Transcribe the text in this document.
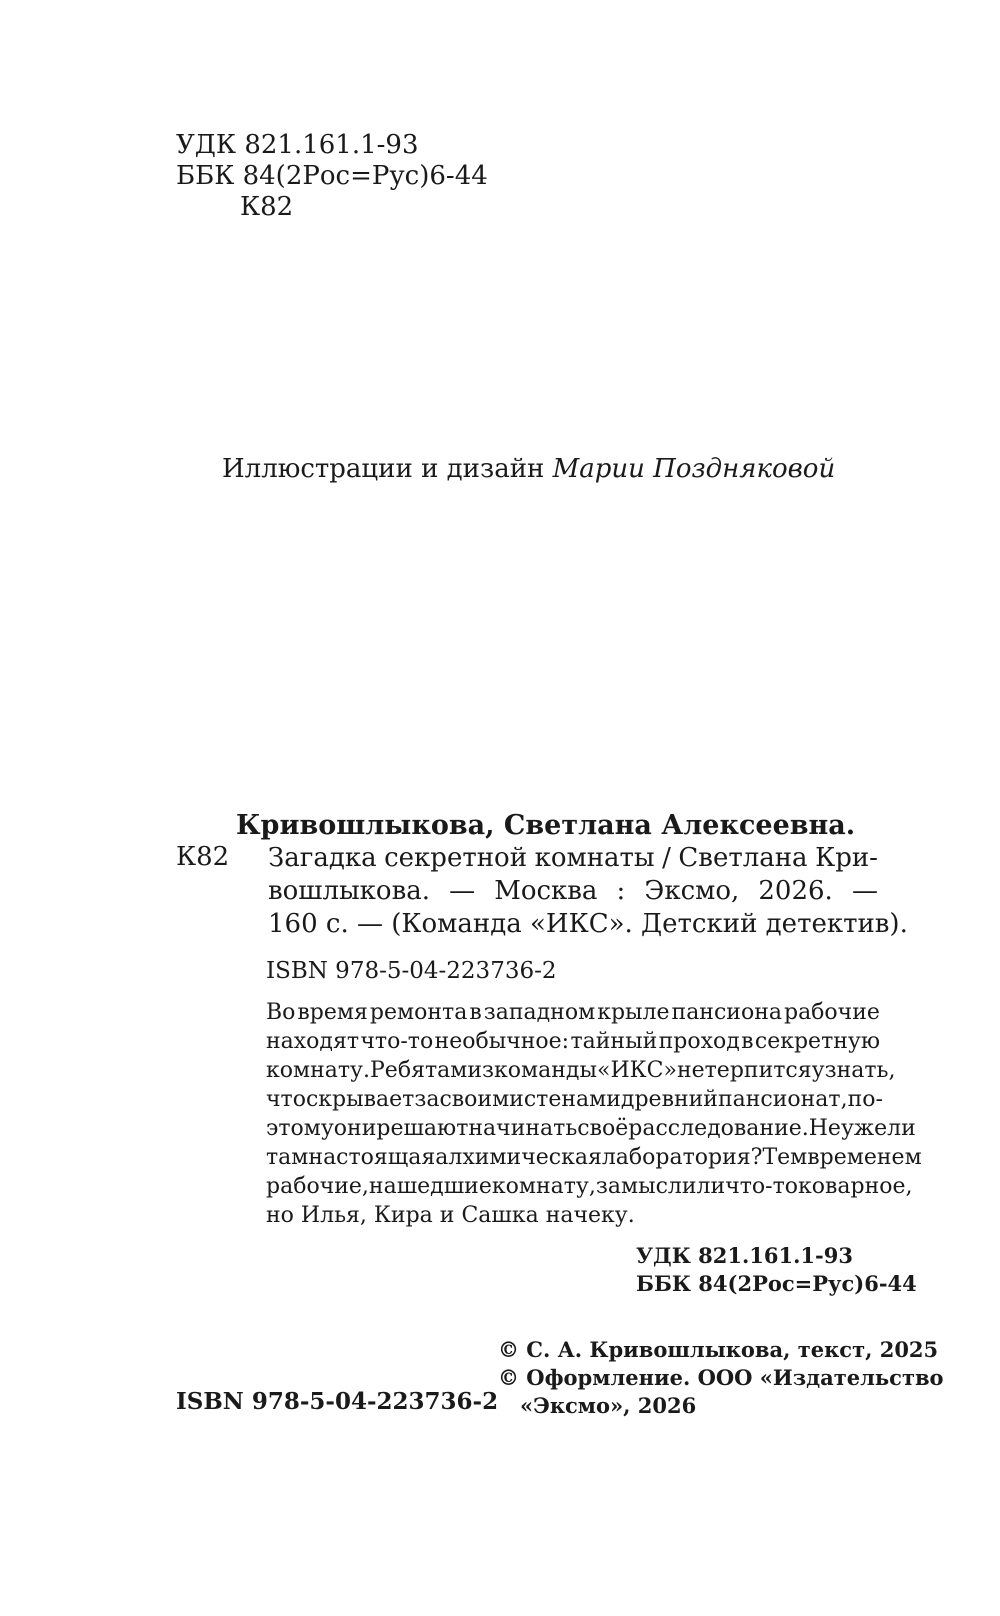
УДК 821.161.1-93
ББК 84(2Рос=Рус)6-44
К82
Иллюстрации и дизайн Марии Поздняковой
Кривошлыкова, Светлана Алексеевна.
К82 Загадка секретной комнаты / Светлана Кри-
вошлыкова. — Москва : Эксмо, 2026. —
160 с. — (Команда «ИКС». Детский детектив).
ISBN 978-5-04-223736-2
Во время ремонта в западном крыле пансиона рабочие
находят что-то необычное: тайный проход в секретную
комнату. Ребятам из команды «ИКС» не терпится узнать,
что скрывает за своими стенами древний пансионат, по-
этому они решают начинать своё расследование. Неужели
там настоящая алхимическая лаборатория? Тем временем
рабочие, нашедшие комнату, замыслили что-то коварное,
но Илья, Кира и Сашка начеку.
УДК 821.161.1-93
ББК 84(2Рос=Рус)6-44
© С. А. Кривошлыкова, текст, 2025
© Оформление. ООО «Издательство
«Эксмо», 2026
ISBN 978-5-04-223736-2
